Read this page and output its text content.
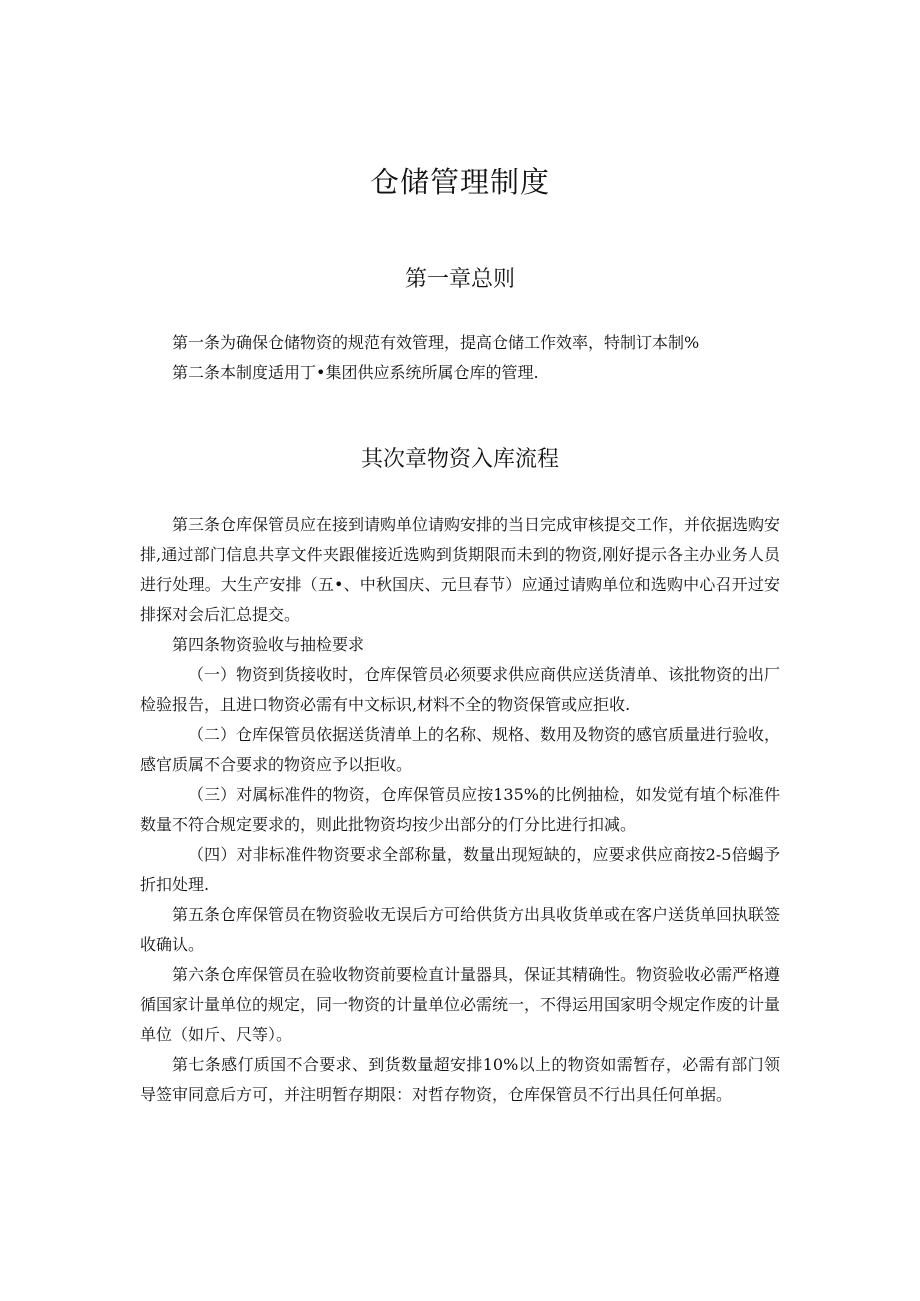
仓储管理制度
第一章总则

第一条为确保仓储物资的规范有效管理，提高仓储工作效率，特制订本制%

第二条本制度适用丁•集团供应系统所属仓库的管理.

其次章物资入库流程

第三条仓库保管员应在接到请购单位请购安排的当日完成审核提交工作，并依据选购安排,通过部门信息共享文件夹跟催接近选购到货期限而未到的物资,刚好提示各主办业务人员进行处理。大生产安排（五•、中秋国庆、元旦春节）应通过请购单位和选购中心召开过安排探对会后汇总提交。

第四条物资验收与抽检要求

（一）物资到货接收时，仓库保管员必须要求供应商供应送货清单、该批物资的出厂检验报告，且进口物资必需有中文标识,材料不全的物资保管或应拒收.

（二）仓库保管员依据送货清单上的名称、规格、数用及物资的感官质量进行验收，感官质属不合要求的物资应予以拒收。

（三）对属标准件的物资，仓库保管员应按135%的比例抽检，如发觉有埴个标准件数量不符合规定要求的，则此批物资均按少出部分的仃分比进行扣减。

（四）对非标准件物资要求全部称量，数量出现短缺的，应要求供应商按2-5倍蝎予折扣处理.

第五条仓库保管员在物资验收无误后方可给供货方出具收货单或在客户送货单回执联签收确认。

第六条仓库保管员在验收物资前要检直计量器具，保证其精确性。物资验收必需严格遵循国家计量单位的规定，同一物资的计量单位必需统一，不得运用国家明令规定作废的计量单位（如斤、尺等）。

第七条感仃质国不合要求、到货数量超安排10%以上的物资如需暂存，必需有部门领导签审同意后方可，并注明暂存期限：对哲存物资，仓库保管员不行出具任何单据。
